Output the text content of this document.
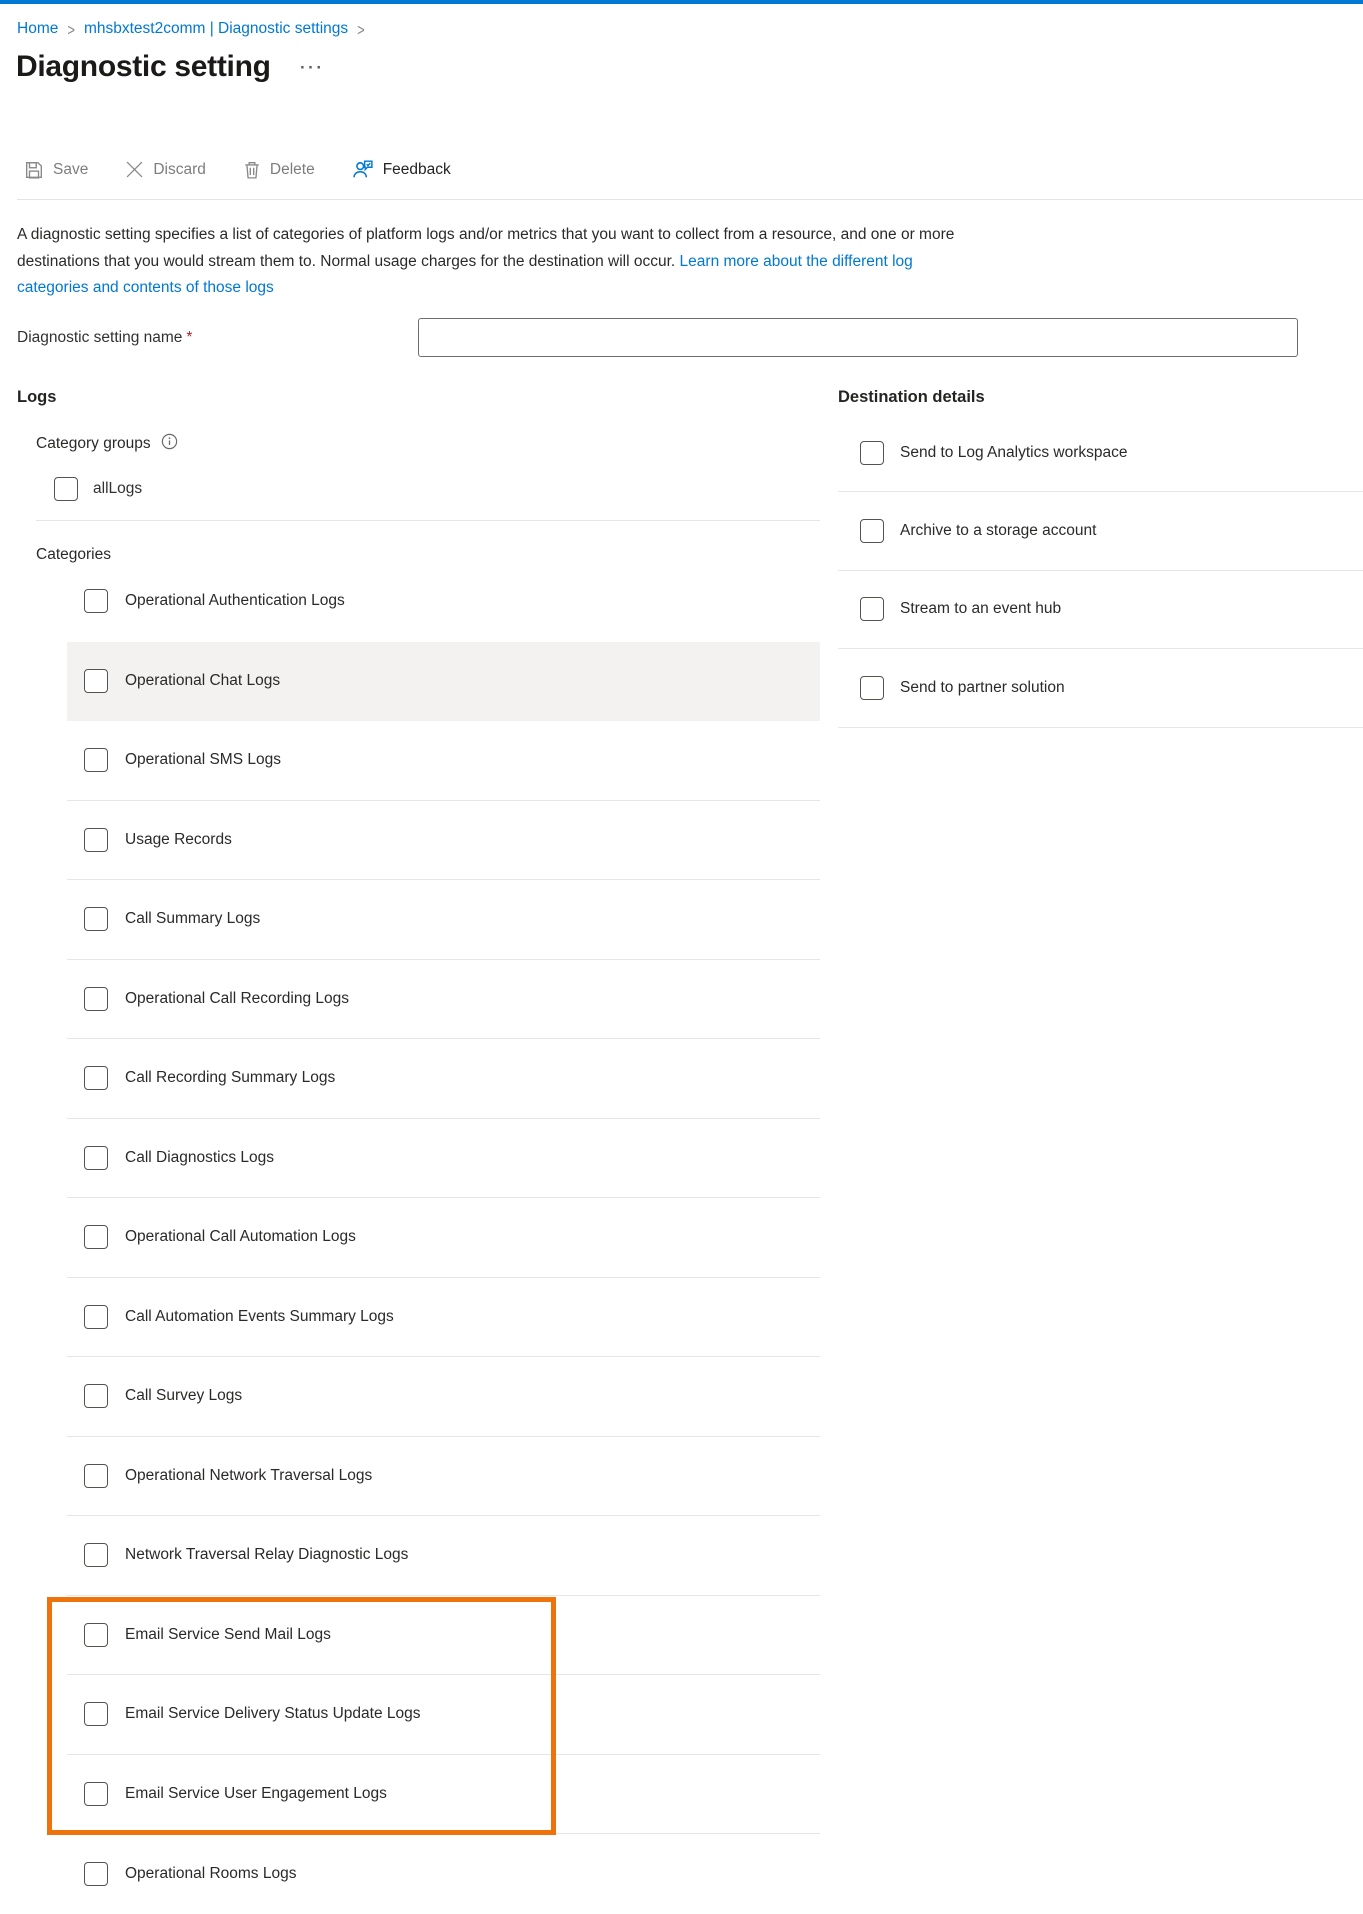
Home > mhsbxtest2comm | Diagnostic settings >
Diagnostic setting ···
Save	Discard	Delete	Feedback

A diagnostic setting specifies a list of categories of platform logs and/or metrics that you want to collect from a resource, and one or more destinations that you would stream them to. Normal usage charges for the destination will occur. Learn more about the different log categories and contents of those logs

Diagnostic setting name *
Logs
Category groups
allLogs
Categories
Operational Authentication Logs
Operational Chat Logs
Operational SMS Logs
Usage Records
Call Summary Logs
Operational Call Recording Logs
Call Recording Summary Logs
Call Diagnostics Logs
Operational Call Automation Logs
Call Automation Events Summary Logs
Call Survey Logs
Operational Network Traversal Logs
Network Traversal Relay Diagnostic Logs
Email Service Send Mail Logs
Email Service Delivery Status Update Logs
Email Service User Engagement Logs
Operational Rooms Logs
Destination details
Send to Log Analytics workspace
Archive to a storage account
Stream to an event hub
Send to partner solution
